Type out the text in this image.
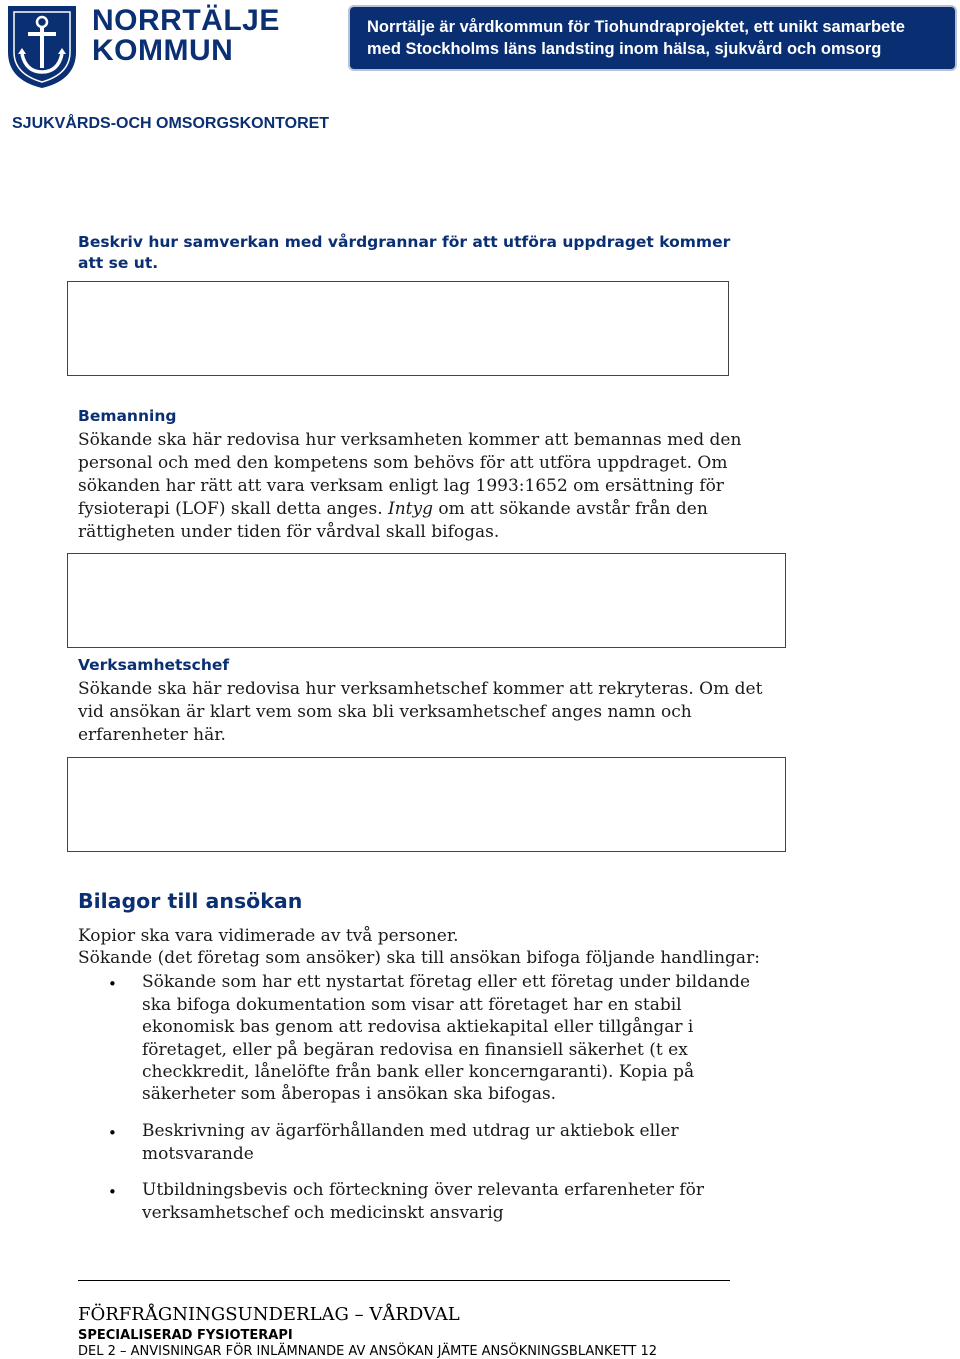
NORRTÄLJE
KOMMUN
Norrtälje är vårdkommun för Tiohundraprojektet, ett unikt samarbete
med Stockholms läns landsting inom hälsa, sjukvård och omsorg
SJUKVÅRDS-OCH OMSORGSKONTORET
Beskriv hur samverkan med vårdgrannar för att utföra uppdraget kommer
att se ut.
Bemanning
Sökande ska här redovisa hur verksamheten kommer att bemannas med den
personal och med den kompetens som behövs för att utföra uppdraget. Om
sökanden har rätt att vara verksam enligt lag 1993:1652 om ersättning för
fysioterapi (LOF) skall detta anges. Intyg om att sökande avstår från den
rättigheten under tiden för vårdval skall bifogas.
Verksamhetschef
Sökande ska här redovisa hur verksamhetschef kommer att rekryteras. Om det
vid ansökan är klart vem som ska bli verksamhetschef anges namn och
erfarenheter här.
Bilagor till ansökan
Kopior ska vara vidimerade av två personer.
Sökande (det företag som ansöker) ska till ansökan bifoga följande handlingar:
• Sökande som har ett nystartat företag eller ett företag under bildande
ska bifoga dokumentation som visar att företaget har en stabil
ekonomisk bas genom att redovisa aktiekapital eller tillgångar i
företaget, eller på begäran redovisa en finansiell säkerhet (t ex
checkkredit, lånelöfte från bank eller koncerngaranti). Kopia på
säkerheter som åberopas i ansökan ska bifogas.
• Beskrivning av ägarförhållanden med utdrag ur aktiebok eller
motsvarande
• Utbildningsbevis och förteckning över relevanta erfarenheter för
verksamhetschef och medicinskt ansvarig
FÖRFRÅGNINGSUNDERLAG – VÅRDVAL
SPECIALISERAD FYSIOTERAPI
DEL 2 – ANVISNINGAR FÖR INLÄMNANDE AV ANSÖKAN JÄMTE ANSÖKNINGSBLANKETT 12
